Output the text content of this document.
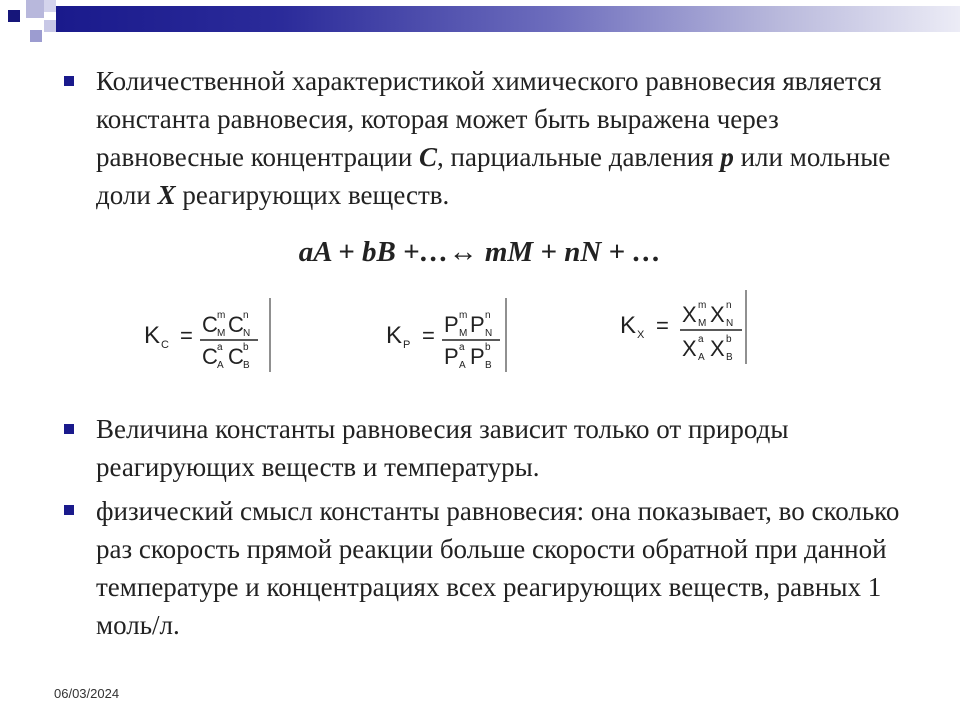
Количественной характеристикой химического равновесия является константа равновесия, которая может быть выражена через равновесные концентрации C, парциальные давления p или мольные доли X реагирующих веществ.
aA + bB +…↔ mM + nN + …
K C = C m
M C n
N
C a
A C b
B
K P = P m
M P n
N
P a
A P b
B
K X = X m
M X n
N
X a
A X b
B
Величина константы равновесия зависит только от природы реагирующих веществ и температуры.
физический смысл константы равновесия: она показывает, во сколько раз скорость прямой реакции больше скорости обратной при данной температуре и концентрациях всех реагирующих веществ, равных 1 моль/л.
06/03/2024
